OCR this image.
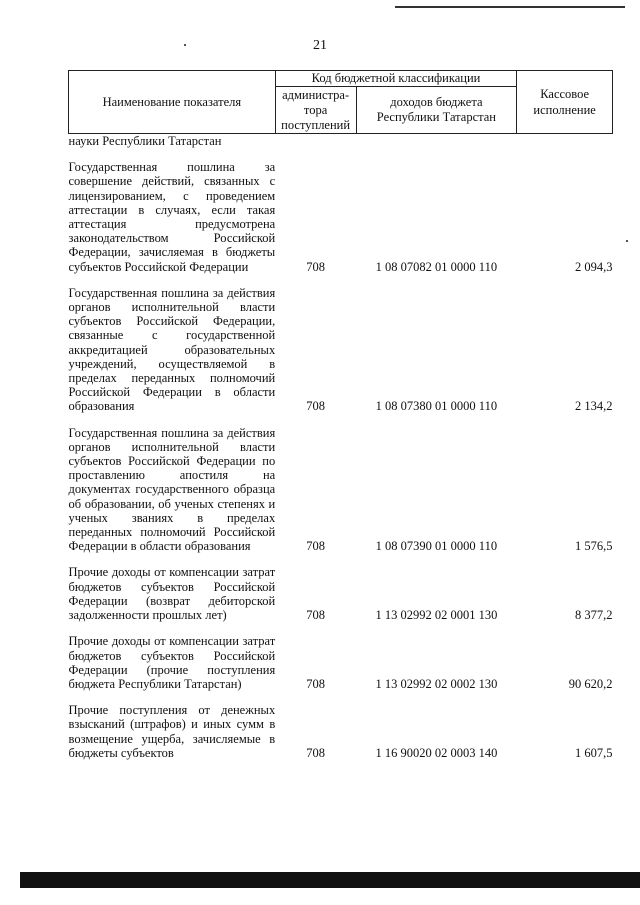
21
Наименование показателя	Код бюджетной классификации		Кассовое исполнение
	администра-тора поступлений	доходов бюджета Республики Татарстан	
науки Республики Татарстан			

Государственная пошлина за совершение действий, связанных с лицензированием, с проведением аттестации в случаях, если такая аттестация предусмотрена законодательством Российской Федерации, зачисляемая в бюджеты субъектов Российской Федерации	708	1 08 07082 01 0000 110	2 094,3

Государственная пошлина за действия органов исполнительной власти субъектов Российской Федерации, связанные с государственной аккредитацией образовательных учреждений, осуществляемой в пределах переданных полномочий Российской Федерации в области образования	708	1 08 07380 01 0000 110	2 134,2

Государственная пошлина за действия органов исполнительной власти субъектов Российской Федерации по проставлению апостиля на документах государственного образца об образовании, об ученых степенях и ученых званиях в пределах переданных полномочий Российской Федерации в области образования	708	1 08 07390 01 0000 110	1 576,5

Прочие доходы от компенсации затрат бюджетов субъектов Российской Федерации (возврат дебиторской задолженности прошлых лет)	708	1 13 02992 02 0001 130	8 377,2

Прочие доходы от компенсации затрат бюджетов субъектов Российской Федерации (прочие поступления бюджета Республики Татарстан)	708	1 13 02992 02 0002 130	90 620,2

Прочие поступления от денежных взысканий (штрафов) и иных сумм в возмещение ущерба, зачисляемые в бюджеты субъектов	708	1 16 90020 02 0003 140	1 607,5
